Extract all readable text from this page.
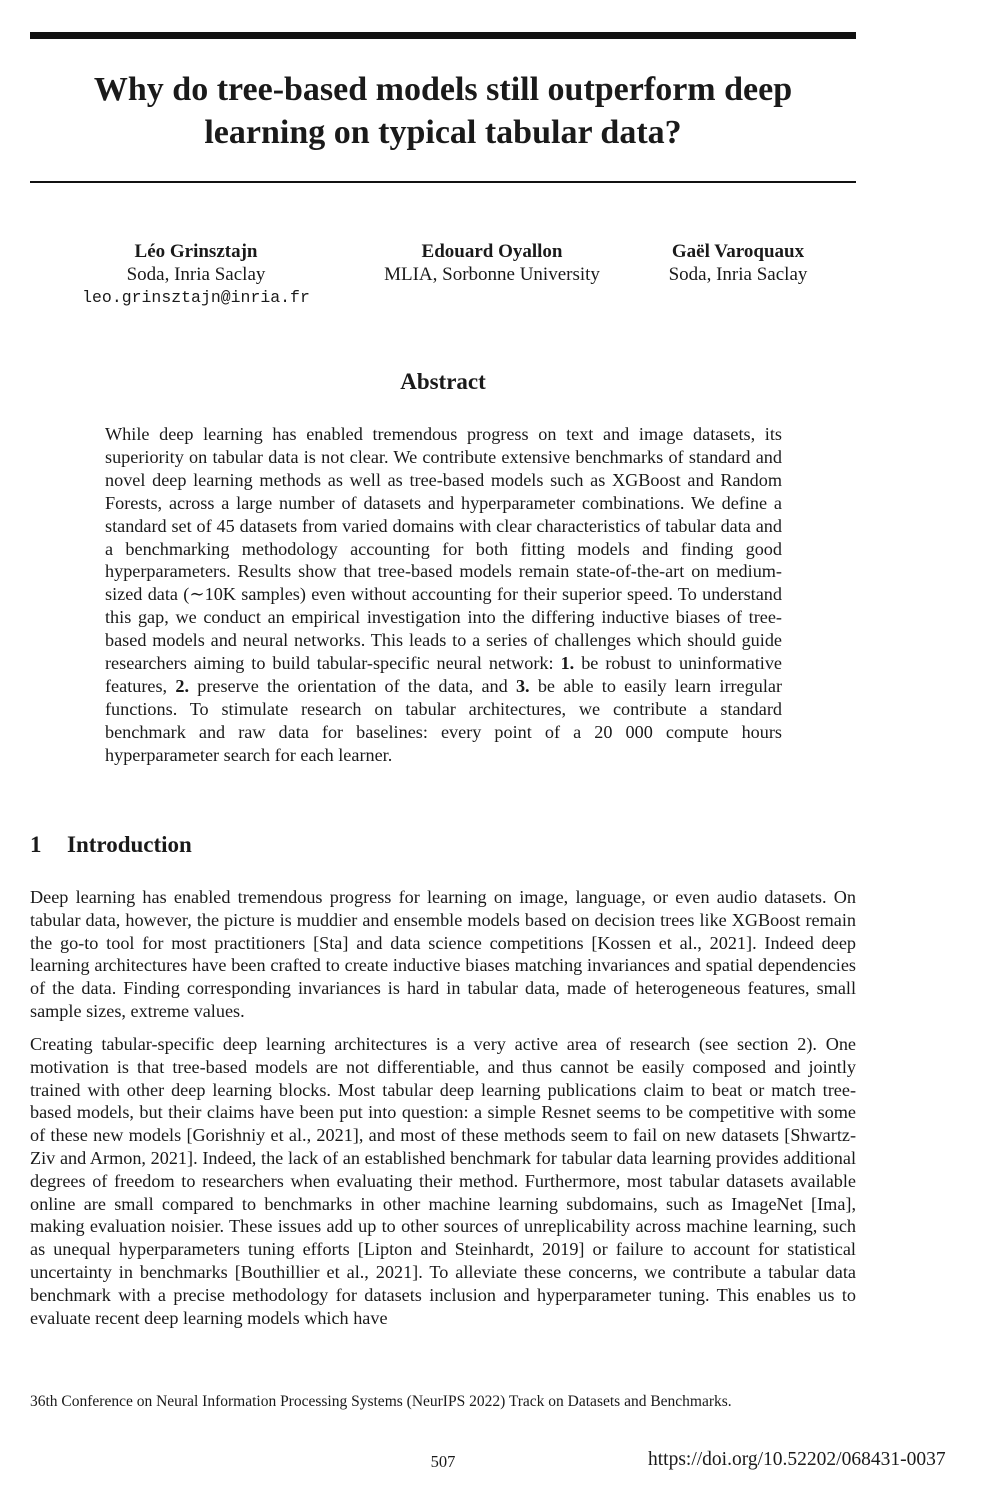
Why do tree-based models still outperform deep
learning on typical tabular data?
Léo Grinsztajn
Soda, Inria Saclay
leo.grinsztajn@inria.fr
Edouard Oyallon
MLIA, Sorbonne University
Gaël Varoquaux
Soda, Inria Saclay
Abstract

While deep learning has enabled tremendous progress on text and image datasets, its superiority on tabular data is not clear. We contribute extensive benchmarks of standard and novel deep learning methods as well as tree-based models such as XGBoost and Random Forests, across a large number of datasets and hyperparameter combinations. We define a standard set of 45 datasets from varied domains with clear characteristics of tabular data and a benchmarking methodology accounting for both fitting models and finding good hyperparameters. Results show that tree-based models remain state-of-the-art on medium-sized data (∼10K samples) even without accounting for their superior speed. To understand this gap, we conduct an empirical investigation into the differing inductive biases of tree-based models and neural networks. This leads to a series of challenges which should guide researchers aiming to build tabular-specific neural network: 1. be robust to uninformative features, 2. preserve the orientation of the data, and 3. be able to easily learn irregular functions. To stimulate research on tabular architectures, we contribute a standard benchmark and raw data for baselines: every point of a 20 000 compute hours hyperparameter search for each learner.

1 Introduction

Deep learning has enabled tremendous progress for learning on image, language, or even audio datasets. On tabular data, however, the picture is muddier and ensemble models based on decision trees like XGBoost remain the go-to tool for most practitioners [Sta] and data science competitions [Kossen et al., 2021]. Indeed deep learning architectures have been crafted to create inductive biases matching invariances and spatial dependencies of the data. Finding corresponding invariances is hard in tabular data, made of heterogeneous features, small sample sizes, extreme values.

Creating tabular-specific deep learning architectures is a very active area of research (see section 2). One motivation is that tree-based models are not differentiable, and thus cannot be easily composed and jointly trained with other deep learning blocks. Most tabular deep learning publications claim to beat or match tree-based models, but their claims have been put into question: a simple Resnet seems to be competitive with some of these new models [Gorishniy et al., 2021], and most of these methods seem to fail on new datasets [Shwartz-Ziv and Armon, 2021]. Indeed, the lack of an established benchmark for tabular data learning provides additional degrees of freedom to researchers when evaluating their method. Furthermore, most tabular datasets available online are small compared to benchmarks in other machine learning subdomains, such as ImageNet [Ima], making evaluation noisier. These issues add up to other sources of unreplicability across machine learning, such as unequal hyperparameters tuning efforts [Lipton and Steinhardt, 2019] or failure to account for statistical uncertainty in benchmarks [Bouthillier et al., 2021]. To alleviate these concerns, we contribute a tabular data benchmark with a precise methodology for datasets inclusion and hyperparameter tuning. This enables us to evaluate recent deep learning models which have

36th Conference on Neural Information Processing Systems (NeurIPS 2022) Track on Datasets and Benchmarks.

507	https://doi.org/10.52202/068431-0037
